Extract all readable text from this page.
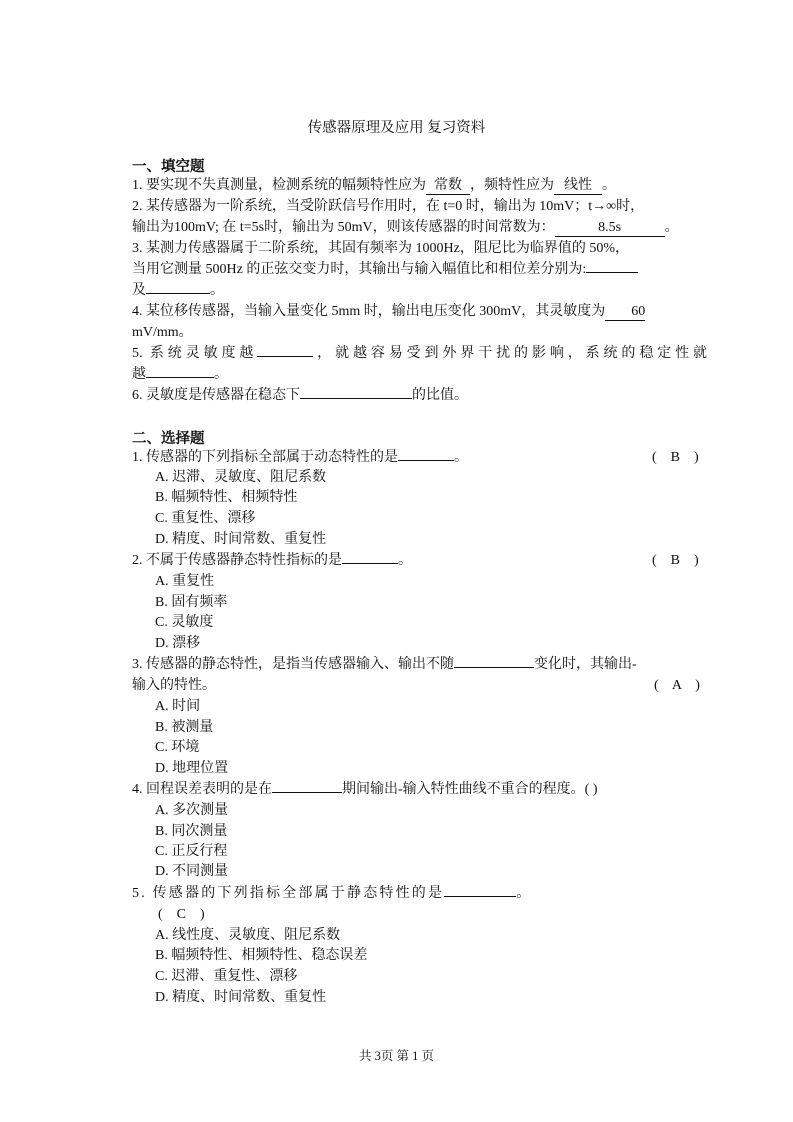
传感器原理及应用 复习资料
一、填空题
1. 要实现不失真测量，检测系统的幅频特性应为 常数 ，频特性应为 线性 。
2. 某传感器为一阶系统，当受阶跃信号作用时，在 t=0 时，输出为 10mV；t→∞时，
输出为100mV; 在 t=5s时，输出为 50mV，则该传感器的时间常数为：	8.5s	。
3. 某测力传感器属于二阶系统，其固有频率为 1000Hz，阻尼比为临界值的 50%，
当用它测量 500Hz 的正弦交变力时，其输出与输入幅值比和相位差分别为:
及	。
4. 某位移传感器，当输入量变化 5mm 时，输出电压变化 300mV，其灵敏度为 60
mV/mm。
5. 系统灵敏度越	，就越容易受到外界干扰的影响，系统的稳定性就
越	。
6. 灵敏度是传感器在稳态下	的比值。
二、选择题
1. 传感器的下列指标全部属于动态特性的是	。	(    B    )
A. 迟滞、灵敏度、阻尼系数
B. 幅频特性、相频特性
C. 重复性、漂移
D. 精度、时间常数、重复性
2. 不属于传感器静态特性指标的是	。	(    B    )
A. 重复性
B. 固有频率
C. 灵敏度
D. 漂移
3. 传感器的静态特性，是指当传感器输入、输出不随	变化时，其输出-
输入的特性。	(    A    )
A. 时间
B. 被测量
C. 环境
D. 地理位置
4. 回程误差表明的是在	期间输出-输入特性曲线不重合的程度。( )
A. 多次测量
B. 同次测量
C. 正反行程
D. 不同测量
5. 传感器的下列指标全部属于静态特性的是	。
(    C    )
A. 线性度、灵敏度、阻尼系数
B. 幅频特性、相频特性、稳态误差
C. 迟滞、重复性、漂移
D. 精度、时间常数、重复性
共 3页 第 1 页
